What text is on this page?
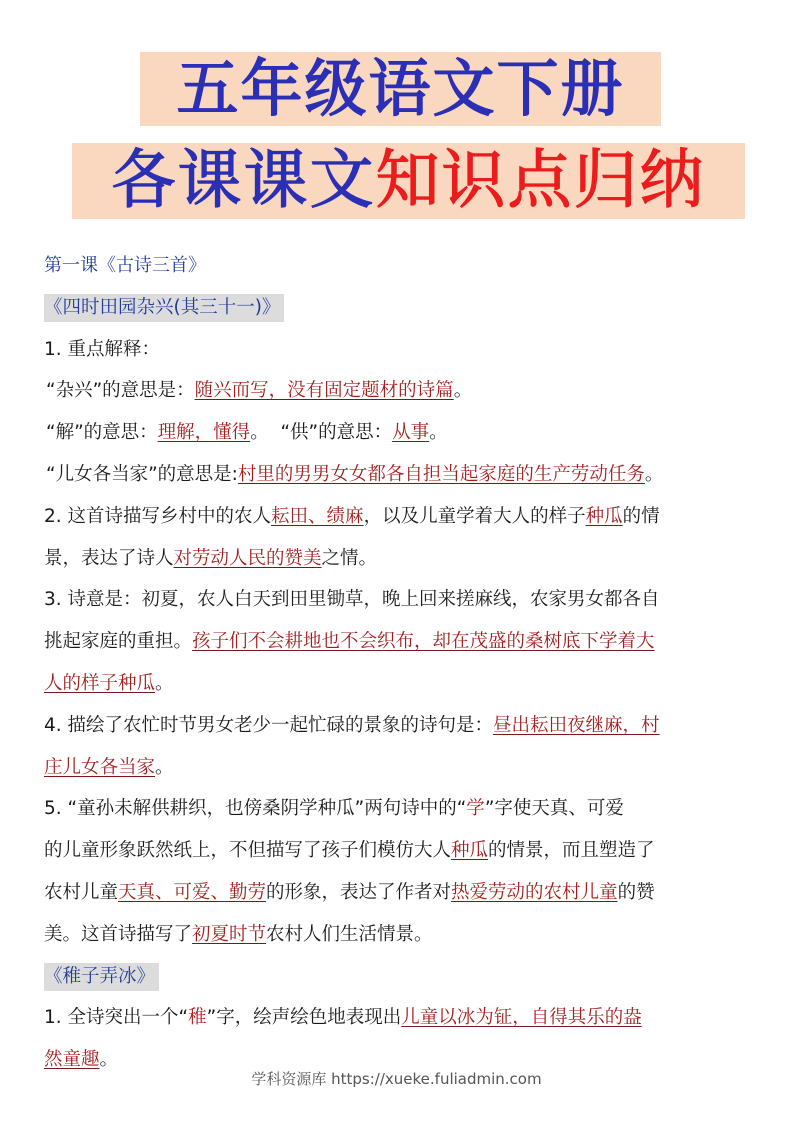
五年级语文下册
各课课文知识点归纳
第一课《古诗三首》
《四时田园杂兴(其三十一)》
1. 重点解释：
“杂兴”的意思是：随兴而写，没有固定题材的诗篇。
“解”的意思：理解，懂得。  “供”的意思：从事。
“儿女各当家”的意思是:村里的男男女女都各自担当起家庭的生产劳动任务。
2. 这首诗描写乡村中的农人耘田、绩麻，以及儿童学着大人的样子种瓜的情
景，表达了诗人对劳动人民的赞美之情。
3. 诗意是：初夏，农人白天到田里锄草，晚上回来搓麻线，农家男女都各自
挑起家庭的重担。孩子们不会耕地也不会织布，却在茂盛的桑树底下学着大
人的样子种瓜。
4. 描绘了农忙时节男女老少一起忙碌的景象的诗句是：昼出耘田夜继麻，村
庄儿女各当家。
5. “童孙未解供耕织，也傍桑阴学种瓜”两句诗中的“学”字使天真、可爱
的儿童形象跃然纸上，不但描写了孩子们模仿大人种瓜的情景，而且塑造了
农村儿童天真、可爱、勤劳的形象，表达了作者对热爱劳动的农村儿童的赞
美。这首诗描写了初夏时节农村人们生活情景。
《稚子弄冰》
1. 全诗突出一个“稚”字，绘声绘色地表现出儿童以冰为钲，自得其乐的盎
然童趣。
学科资源库 https://xueke.fuliadmin.com
